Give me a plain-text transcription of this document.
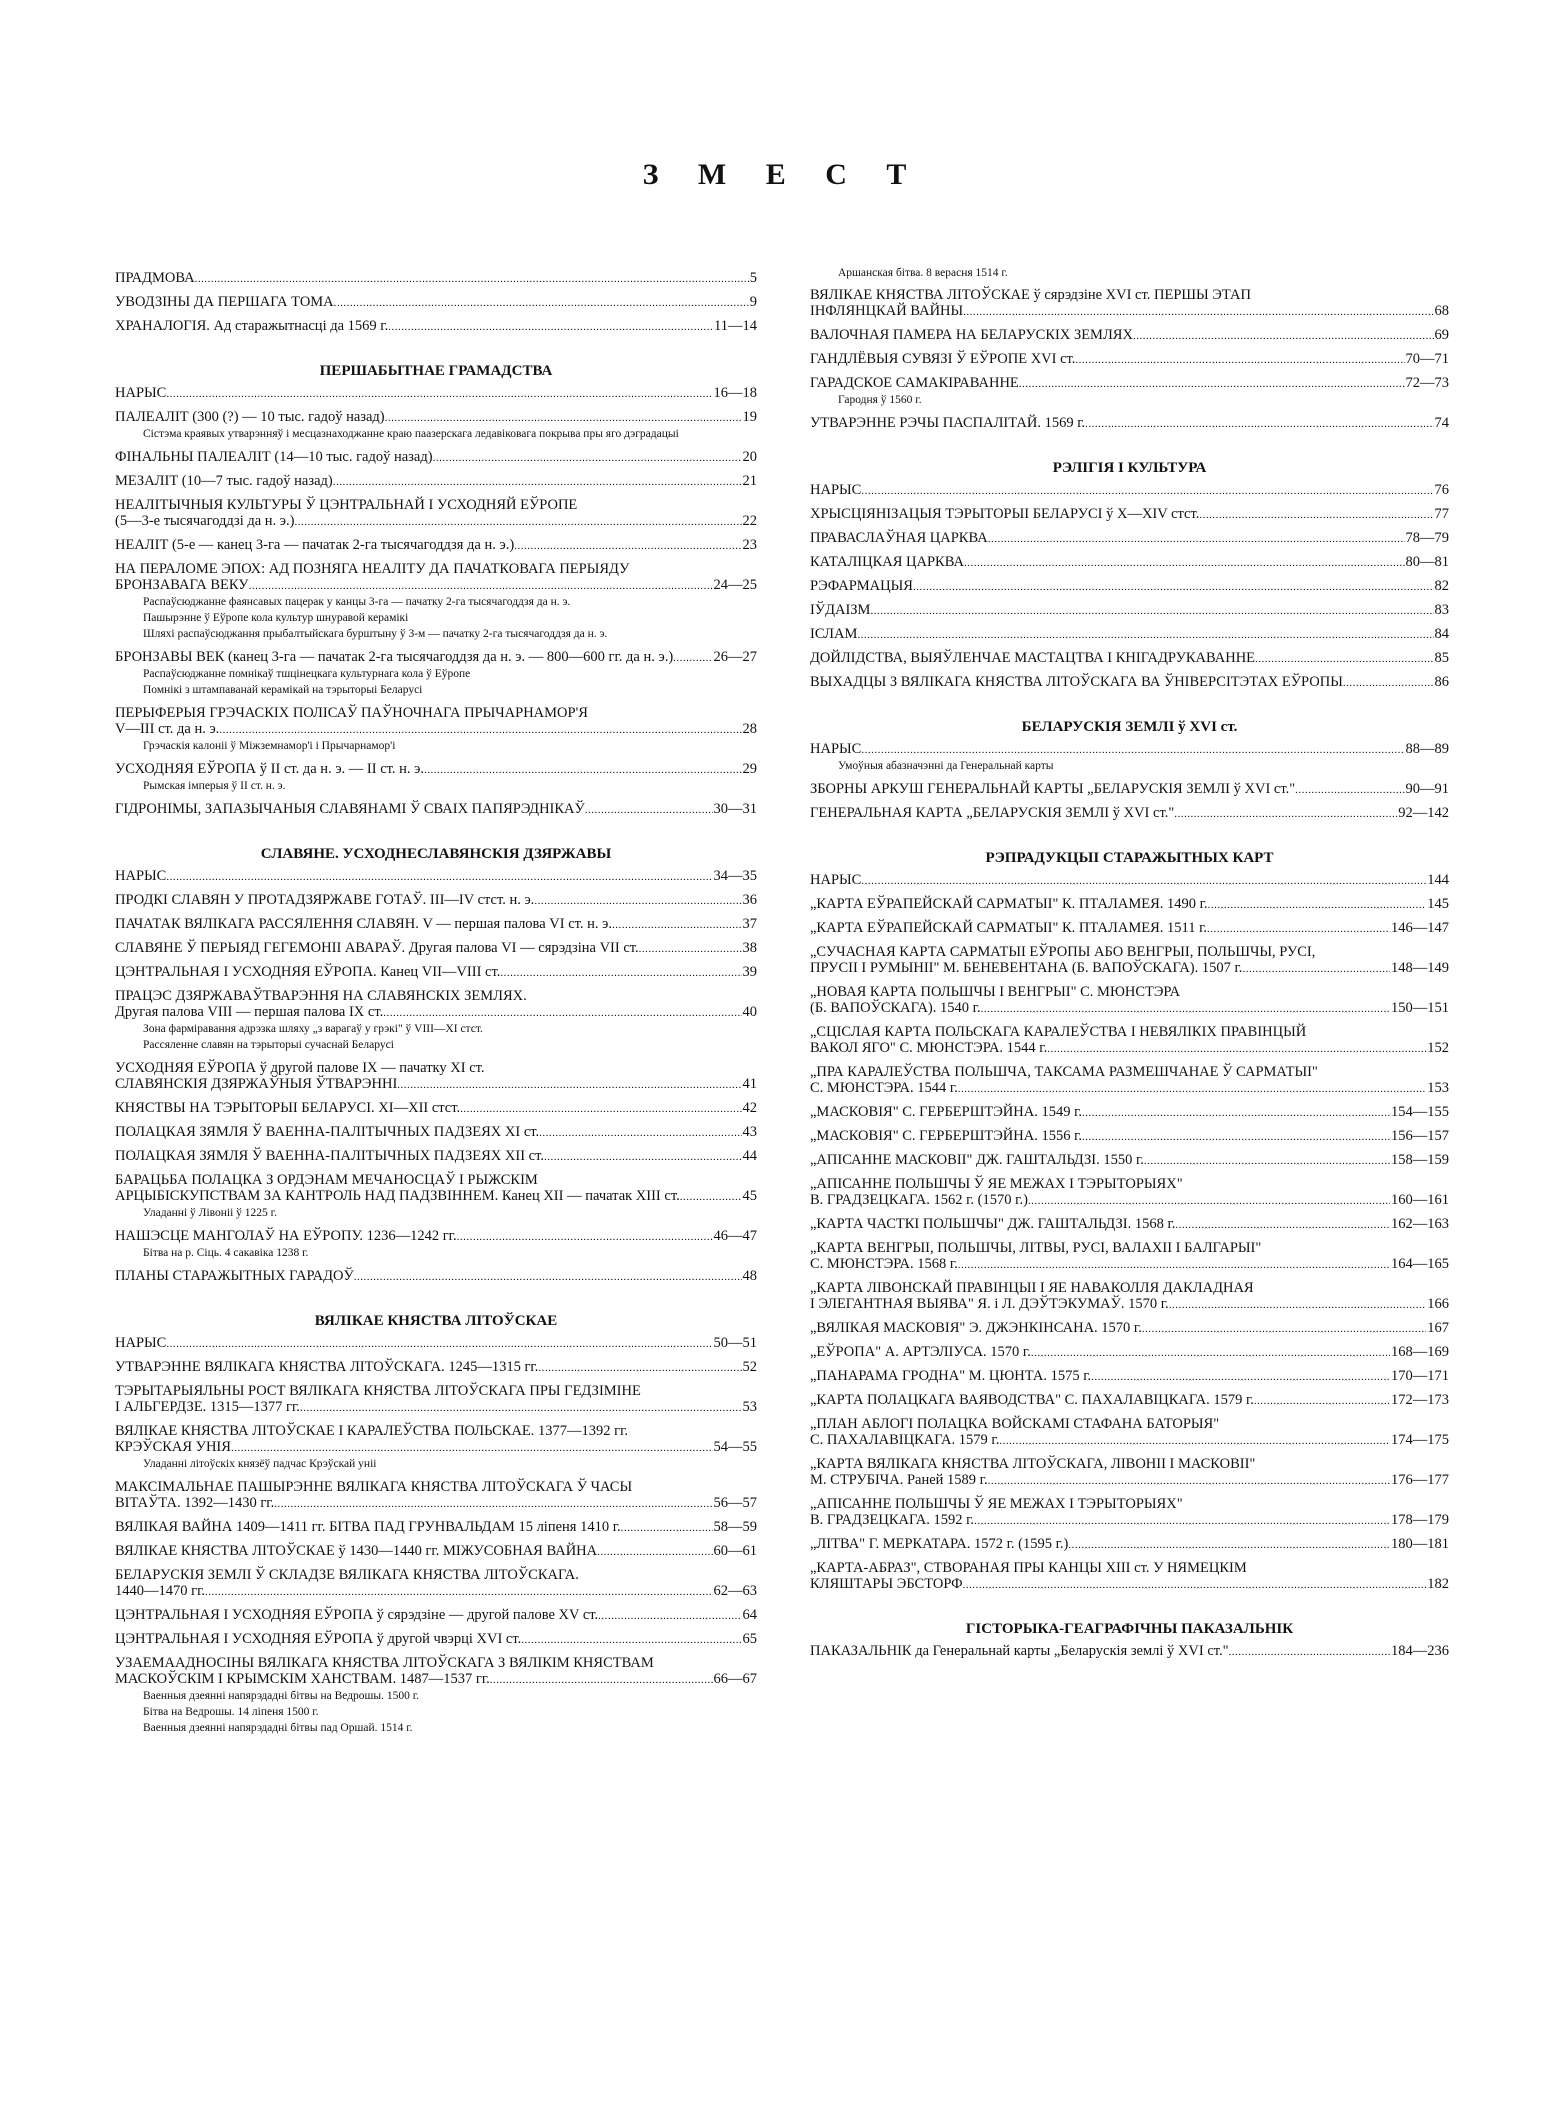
З М Е С Т
ПРАДМОВА .....	5
УВОДЗІНЫ ДА ПЕРШАГА ТОМА .....	9
ХРАНАЛОГІЯ. Ад старажытнасці да 1569 г. .....	11—14
ПЕРШАБЫТНАЕ ГРАМАДСТВА
НАРЫС .....	16—18
ПАЛЕАЛІТ (300 (?) — 10 тыс. гадоў назад) .....	19
Сістэма краявых утварэнняў і месцазнаходжанне краю паазерскага ледавіковага покрыва пры яго дэградацыі
ФІНАЛЬНЫ ПАЛЕАЛІТ (14—10 тыс. гадоў назад) .....	20
МЕЗАЛІТ (10—7 тыс. гадоў назад) .....	21
НЕАЛІТЫЧНЫЯ КУЛЬТУРЫ Ў ЦЭНТРАЛЬНАЙ І УСХОДНЯЙ ЕЎРОПЕ
(5—3-е тысячагоддзі да н. э.) .....	22
НЕАЛІТ (5-е — канец 3-га — пачатак 2-га тысячагоддзя да н. э.) .....	23
НА ПЕРАЛОМЕ ЭПОХ: АД ПОЗНЯГА НЕАЛІТУ ДА ПАЧАТКОВАГА ПЕРЫЯДУ
БРОНЗАВАГА ВЕКУ .....	24—25
Распаўсюджанне фаянсавых пацерак у канцы 3-га — пачатку 2-га тысячагоддзя да н. э.
Пашырэнне ў Еўропе кола культур шнуравой керамікі
Шляхі распаўсюджання прыбалтыйскага бурштыну ў 3-м — пачатку 2-га тысячагоддзя да н. э.
БРОНЗАВЫ ВЕК (канец 3-га — пачатак 2-га тысячагоддзя да н. э. — 800—600 гг. да н. э.) .....	26—27
Распаўсюджанне помнікаў тшцінецкага культурнага кола ў Еўропе
Помнікі з штампаванай керамікай на тэрыторыі Беларусі
ПЕРЫФЕРЫЯ ГРЭЧАСКІХ ПОЛІСАЎ ПАЎНОЧНАГА ПРЫЧАРНАМОР'Я
V—III ст. да н. э. .....	28
Грэчаскія калоніі ў Міжземнамор'і і Прычарнамор'і
УСХОДНЯЯ ЕЎРОПА ў II ст. да н. э. — II ст. н. э. .....	29
Рымская імперыя ў II ст. н. э.
ГІДРОНІМЫ, ЗАПАЗЫЧАНЫЯ СЛАВЯНАМІ Ў СВАІХ ПАПЯРЭДНІКАЎ .....	30—31
СЛАВЯНЕ. УСХОДНЕСЛАВЯНСКІЯ ДЗЯРЖАВЫ
НАРЫС .....	34—35
ПРОДКІ СЛАВЯН У ПРОТАДЗЯРЖАВЕ ГОТАЎ. III—IV стст. н. э. .....	36
ПАЧАТАК ВЯЛІКАГА РАССЯЛЕННЯ СЛАВЯН. V — першая палова VI ст. н. э. .....	37
СЛАВЯНЕ Ў ПЕРЫЯД ГЕГЕМОНІІ АВАРАЎ. Другая палова VI — сярэдзіна VII ст. .....	38
ЦЭНТРАЛЬНАЯ І УСХОДНЯЯ ЕЎРОПА. Канец VII—VIII ст. .....	39
ПРАЦЭС ДЗЯРЖАВАЎТВАРЭННЯ НА СЛАВЯНСКІХ ЗЕМЛЯХ.
Другая палова VIII — першая палова IX ст. .....	40
Зона фарміравання адрэзка шляху „з варагаў у грэкі" ў VIII—XI стст.
Рассяленне славян на тэрыторыі сучаснай Беларусі
УСХОДНЯЯ ЕЎРОПА ў другой палове IX — пачатку XI ст.
СЛАВЯНСКІЯ ДЗЯРЖАЎНЫЯ ЎТВАРЭННІ .....	41
КНЯСТВЫ НА ТЭРЫТОРЫІ БЕЛАРУСІ. XI—XII стст. .....	42
ПОЛАЦКАЯ ЗЯМЛЯ Ў ВАЕННА-ПАЛІТЫЧНЫХ ПАДЗЕЯХ XI ст. .....	43
ПОЛАЦКАЯ ЗЯМЛЯ Ў ВАЕННА-ПАЛІТЫЧНЫХ ПАДЗЕЯХ XII ст. .....	44
БАРАЦЬБА ПОЛАЦКА З ОРДЭНАМ МЕЧАНОСЦАЎ І РЫЖСКІМ
АРЦЫБІСКУПСТВАМ ЗА КАНТРОЛЬ НАД ПАДЗВІННЕМ. Канец XII — пачатак XIII ст. .....	45
Уладанні ў Лівоніі ў 1225 г.
НАШЭСЦЕ МАНГОЛАЎ НА ЕЎРОПУ. 1236—1242 гг. .....	46—47
Бітва на р. Сіць. 4 сакавіка 1238 г.
ПЛАНЫ СТАРАЖЫТНЫХ ГАРАДОЎ .....	48
ВЯЛІКАЕ КНЯСТВА ЛІТОЎСКАЕ
НАРЫС .....	50—51
УТВАРЭННЕ ВЯЛІКАГА КНЯСТВА ЛІТОЎСКАГА. 1245—1315 гг. .....	52
ТЭРЫТАРЫЯЛЬНЫ РОСТ ВЯЛІКАГА КНЯСТВА ЛІТОЎСКАГА ПРЫ ГЕДЗІМІНЕ
І АЛЬГЕРДЗЕ. 1315—1377 гг. .....	53
ВЯЛІКАЕ КНЯСТВА ЛІТОЎСКАЕ І КАРАЛЕЎСТВА ПОЛЬСКАЕ. 1377—1392 гг.
КРЭЎСКАЯ УНІЯ .....	54—55
Уладанні літоўскіх князёў падчас Крэўскай уніі
МАКСІМАЛЬНАЕ ПАШЫРЭННЕ ВЯЛІКАГА КНЯСТВА ЛІТОЎСКАГА Ў ЧАСЫ
ВІТАЎТА. 1392—1430 гг. .....	56—57
ВЯЛІКАЯ ВАЙНА 1409—1411 гг. БІТВА ПАД ГРУНВАЛЬДАМ 15 ліпеня 1410 г. .....	58—59
ВЯЛІКАЕ КНЯСТВА ЛІТОЎСКАЕ ў 1430—1440 гг. МІЖУСОБНАЯ ВАЙНА .....	60—61
БЕЛАРУСКІЯ ЗЕМЛІ Ў СКЛАДЗЕ ВЯЛІКАГА КНЯСТВА ЛІТОЎСКАГА.
1440—1470 гг. .....	62—63
ЦЭНТРАЛЬНАЯ І УСХОДНЯЯ ЕЎРОПА ў сярэдзіне — другой палове XV ст. .....	64
ЦЭНТРАЛЬНАЯ І УСХОДНЯЯ ЕЎРОПА ў другой чвэрці XVI ст. .....	65
УЗАЕМААДНОСІНЫ ВЯЛІКАГА КНЯСТВА ЛІТОЎСКАГА З ВЯЛІКІМ КНЯСТВАМ
МАСКОЎСКІМ І КРЫМСКІМ ХАНСТВАМ. 1487—1537 гг. .....	66—67
Ваенныя дзеянні напярэдадні бітвы на Ведрошы. 1500 г.
Бітва на Ведрошы. 14 ліпеня 1500 г.
Ваенныя дзеянні напярэдадні бітвы пад Оршай. 1514 г.
Аршанская бітва. 8 верасня 1514 г.
ВЯЛІКАЕ КНЯСТВА ЛІТОЎСКАЕ ў сярэдзіне XVI ст. ПЕРШЫ ЭТАП
ІНФЛЯНЦКАЙ ВАЙНЫ .....	68
ВАЛОЧНАЯ ПАМЕРА НА БЕЛАРУСКІХ ЗЕМЛЯХ .....	69
ГАНДЛЁВЫЯ СУВЯЗІ Ў ЕЎРОПЕ XVI ст. .....	70—71
ГАРАДСКОЕ САМАКІРАВАННЕ .....	72—73
Гародня ў 1560 г.
УТВАРЭННЕ РЭЧЫ ПАСПАЛІТАЙ. 1569 г. .....	74
РЭЛІГІЯ І КУЛЬТУРА
НАРЫС .....	76
ХРЫСЦІЯНІЗАЦЫЯ ТЭРЫТОРЫІ БЕЛАРУСІ ў X—XIV стст. .....	77
ПРАВАСЛАЎНАЯ ЦАРКВА .....	78—79
КАТАЛІЦКАЯ ЦАРКВА .....	80—81
РЭФАРМАЦЫЯ .....	82
ІЎДАІЗМ .....	83
ІСЛАМ .....	84
ДОЙЛІДСТВА, ВЫЯЎЛЕНЧАЕ МАСТАЦТВА І КНІГАДРУКАВАННЕ .....	85
ВЫХАДЦЫ З ВЯЛІКАГА КНЯСТВА ЛІТОЎСКАГА ВА ЎНІВЕРСІТЭТАХ ЕЎРОПЫ .....	86
БЕЛАРУСКІЯ ЗЕМЛІ ў XVI ст.
НАРЫС .....	88—89
Умоўныя абазначэнні да Генеральнай карты
ЗБОРНЫ АРКУШ ГЕНЕРАЛЬНАЙ КАРТЫ „БЕЛАРУСКІЯ ЗЕМЛІ ў XVI ст." .....	90—91
ГЕНЕРАЛЬНАЯ КАРТА „БЕЛАРУСКІЯ ЗЕМЛІ ў XVI ст." .....	92—142
РЭПРАДУКЦЫІ СТАРАЖЫТНЫХ КАРТ
НАРЫС .....	144
„КАРТА ЕЎРАПЕЙСКАЙ САРМАТЫІ" К. ПТАЛАМЕЯ. 1490 г. .....	145
„КАРТА ЕЎРАПЕЙСКАЙ САРМАТЫІ" К. ПТАЛАМЕЯ. 1511 г. .....	146—147
„СУЧАСНАЯ КАРТА САРМАТЫІ ЕЎРОПЫ АБО ВЕНГРЫІ, ПОЛЬШЧЫ, РУСІ,
ПРУСІІ І РУМЫНІІ" М. БЕНЕВЕНТАНА (Б. ВАПОЎСКАГА). 1507 г. .....	148—149
„НОВАЯ КАРТА ПОЛЬШЧЫ І ВЕНГРЫІ" С. МЮНСТЭРА
(Б. ВАПОЎСКАГА). 1540 г. .....	150—151
„СЦІСЛАЯ КАРТА ПОЛЬСКАГА КАРАЛЕЎСТВА І НЕВЯЛІКІХ ПРАВІНЦЫЙ
ВАКОЛ ЯГО" С. МЮНСТЭРА. 1544 г. .....	152
„ПРА КАРАЛЕЎСТВА ПОЛЬШЧА, ТАКСАМА РАЗМЕШЧАНАЕ Ў САРМАТЫІ"
С. МЮНСТЭРА. 1544 г. .....	153
„МАСКОВІЯ" С. ГЕРБЕРШТЭЙНА. 1549 г. .....	154—155
„МАСКОВІЯ" С. ГЕРБЕРШТЭЙНА. 1556 г. .....	156—157
„АПІСАННЕ МАСКОВІІ" ДЖ. ГАШТАЛЬДЗІ. 1550 г. .....	158—159
„АПІСАННЕ ПОЛЬШЧЫ Ў ЯЕ МЕЖАХ І ТЭРЫТОРЫЯХ"
В. ГРАДЗЕЦКАГА. 1562 г. (1570 г.) .....	160—161
„КАРТА ЧАСТКІ ПОЛЬШЧЫ" ДЖ. ГАШТАЛЬДЗІ. 1568 г. .....	162—163
„КАРТА ВЕНГРЫІ, ПОЛЬШЧЫ, ЛІТВЫ, РУСІ, ВАЛАХІІ І БАЛГАРЫІ"
С. МЮНСТЭРА. 1568 г. .....	164—165
„КАРТА ЛІВОНСКАЙ ПРАВІНЦЫІ І ЯЕ НАВАКОЛЛЯ ДАКЛАДНАЯ
І ЭЛЕГАНТНАЯ ВЫЯВА" Я. і Л. ДЭЎТЭКУМАЎ. 1570 г. .....	166
„ВЯЛІКАЯ МАСКОВІЯ" Э. ДЖЭНКІНСАНА. 1570 г. .....	167
„ЕЎРОПА" А. АРТЭЛІУСА. 1570 г. .....	168—169
„ПАНАРАМА ГРОДНА" М. ЦЮНТА. 1575 г. .....	170—171
„КАРТА ПОЛАЦКАГА ВАЯВОДСТВА" С. ПАХАЛАВІЦКАГА. 1579 г. .....	172—173
„ПЛАН АБЛОГІ ПОЛАЦКА ВОЙСКАМІ СТАФАНА БАТОРЫЯ"
С. ПАХАЛАВІЦКАГА. 1579 г. .....	174—175
„КАРТА ВЯЛІКАГА КНЯСТВА ЛІТОЎСКАГА, ЛІВОНІІ І МАСКОВІІ"
М. СТРУБІЧА. Раней 1589 г. .....	176—177
„АПІСАННЕ ПОЛЬШЧЫ Ў ЯЕ МЕЖАХ І ТЭРЫТОРЫЯХ"
В. ГРАДЗЕЦКАГА. 1592 г. .....	178—179
„ЛІТВА" Г. МЕРКАТАРА. 1572 г. (1595 г.) .....	180—181
„КАРТА-АБРАЗ", СТВОРАНАЯ ПРЫ КАНЦЫ XIII ст. У НЯМЕЦКІМ
КЛЯШТАРЫ ЭБСТОРФ .....	182
ГІСТОРЫКА-ГЕАГРАФІЧНЫ ПАКАЗАЛЬНІК
ПАКАЗАЛЬНІК да Генеральнай карты „Беларускія землі ў XVI ст." .....	184—236
